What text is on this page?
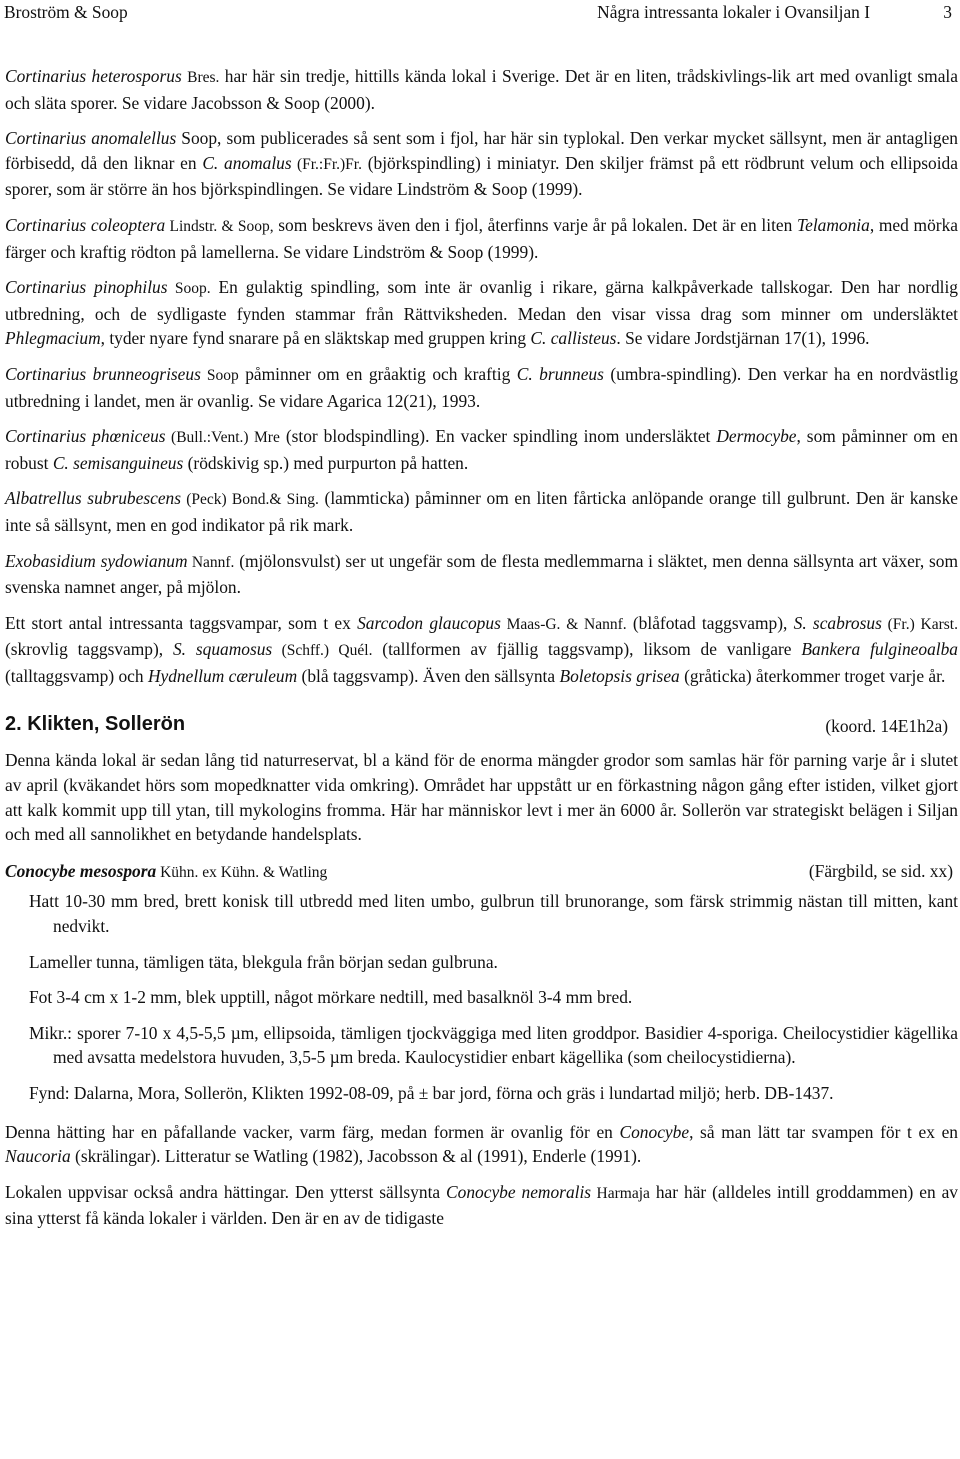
Broström & Soop	Några intressanta lokaler i Ovansiljan I	3

Cortinarius heterosporus Bres. har här sin tredje, hittills kända lokal i Sverige. Det är en liten, trådskivlings-lik art med ovanligt smala och släta sporer. Se vidare Jacobsson & Soop (2000).

Cortinarius anomalellus Soop, som publicerades så sent som i fjol, har här sin typlokal. Den verkar mycket sällsynt, men är antagligen förbisedd, då den liknar en C. anomalus (Fr.:Fr.)Fr. (björkspindling) i miniatyr. Den skiljer främst på ett rödbrunt velum och ellipsoida sporer, som är större än hos björkspindlingen. Se vidare Lindström & Soop (1999).

Cortinarius coleoptera Lindstr. & Soop, som beskrevs även den i fjol, återfinns varje år på lokalen. Det är en liten Telamonia, med mörka färger och kraftig rödton på lamellerna. Se vidare Lindström & Soop (1999).

Cortinarius pinophilus Soop. En gulaktig spindling, som inte är ovanlig i rikare, gärna kalkpåverkade tallskogar. Den har nordlig utbredning, och de sydligaste fynden stammar från Rättviksheden. Medan den visar vissa drag som minner om undersläktet Phlegmacium, tyder nyare fynd snarare på en släktskap med gruppen kring C. callisteus. Se vidare Jordstjärnan 17(1), 1996.

Cortinarius brunneogriseus Soop påminner om en gråaktig och kraftig C. brunneus (umbra-spindling). Den verkar ha en nordvästlig utbredning i landet, men är ovanlig. Se vidare Agarica 12(21), 1993.

Cortinarius phœniceus (Bull.:Vent.) Mre (stor blodspindling). En vacker spindling inom undersläktet Dermocybe, som påminner om en robust C. semisanguineus (rödskivig sp.) med purpurton på hatten.

Albatrellus subrubescens (Peck) Bond.& Sing. (lammticka) påminner om en liten fårticka anlöpande orange till gulbrunt. Den är kanske inte så sällsynt, men en god indikator på rik mark.

Exobasidium sydowianum Nannf. (mjölonsvulst) ser ut ungefär som de flesta medlemmarna i släktet, men denna sällsynta art växer, som svenska namnet anger, på mjölon.

Ett stort antal intressanta taggsvampar, som t ex Sarcodon glaucopus Maas-G. & Nannf. (blåfotad taggsvamp), S. scabrosus (Fr.) Karst. (skrovlig taggsvamp), S. squamosus (Schff.) Quél. (tallformen av fjällig taggsvamp), liksom de vanligare Bankera fulgineoalba (talltaggsvamp) och Hydnellum cæruleum (blå taggsvamp). Även den sällsynta Boletopsis grisea (gråticka) återkommer troget varje år.

2. Klikten, Sollerön	(koord. 14E1h2a)

Denna kända lokal är sedan lång tid naturreservat, bl a känd för de enorma mängder grodor som samlas här för parning varje år i slutet av april (kväkandet hörs som mopedknatter vida omkring). Området har uppstått ur en förkastning någon gång efter istiden, vilket gjort att kalk kommit upp till ytan, till mykologins fromma. Här har människor levt i mer än 6000 år. Sollerön var strategiskt belägen i Siljan och med all sannolikhet en betydande handelsplats.

Conocybe mesospora Kühn. ex Kühn. & Watling	(Färgbild, se sid. xx)

Hatt 10-30 mm bred, brett konisk till utbredd med liten umbo, gulbrun till brunorange, som färsk strimmig nästan till mitten, kant nedvikt.

Lameller tunna, tämligen täta, blekgula från början sedan gulbruna.

Fot 3-4 cm x 1-2 mm, blek upptill, något mörkare nedtill, med basalknöl 3-4 mm bred.

Mikr.: sporer 7-10 x 4,5-5,5 µm, ellipsoida, tämligen tjockväggiga med liten groddpor. Basidier 4-sporiga. Cheilocystidier kägellika med avsatta medelstora huvuden, 3,5-5 µm breda. Kaulocystidier enbart kägellika (som cheilocystidierna).

Fynd: Dalarna, Mora, Sollerön, Klikten 1992-08-09, på ± bar jord, förna och gräs i lundartad miljö; herb. DB-1437.

Denna hätting har en påfallande vacker, varm färg, medan formen är ovanlig för en Conocybe, så man lätt tar svampen för t ex en Naucoria (skrälingar). Litteratur se Watling (1982), Jacobsson & al (1991), Enderle (1991).

Lokalen uppvisar också andra hättingar. Den ytterst sällsynta Conocybe nemoralis Harmaja har här (alldeles intill groddammen) en av sina ytterst få kända lokaler i världen. Den är en av de tidigaste
